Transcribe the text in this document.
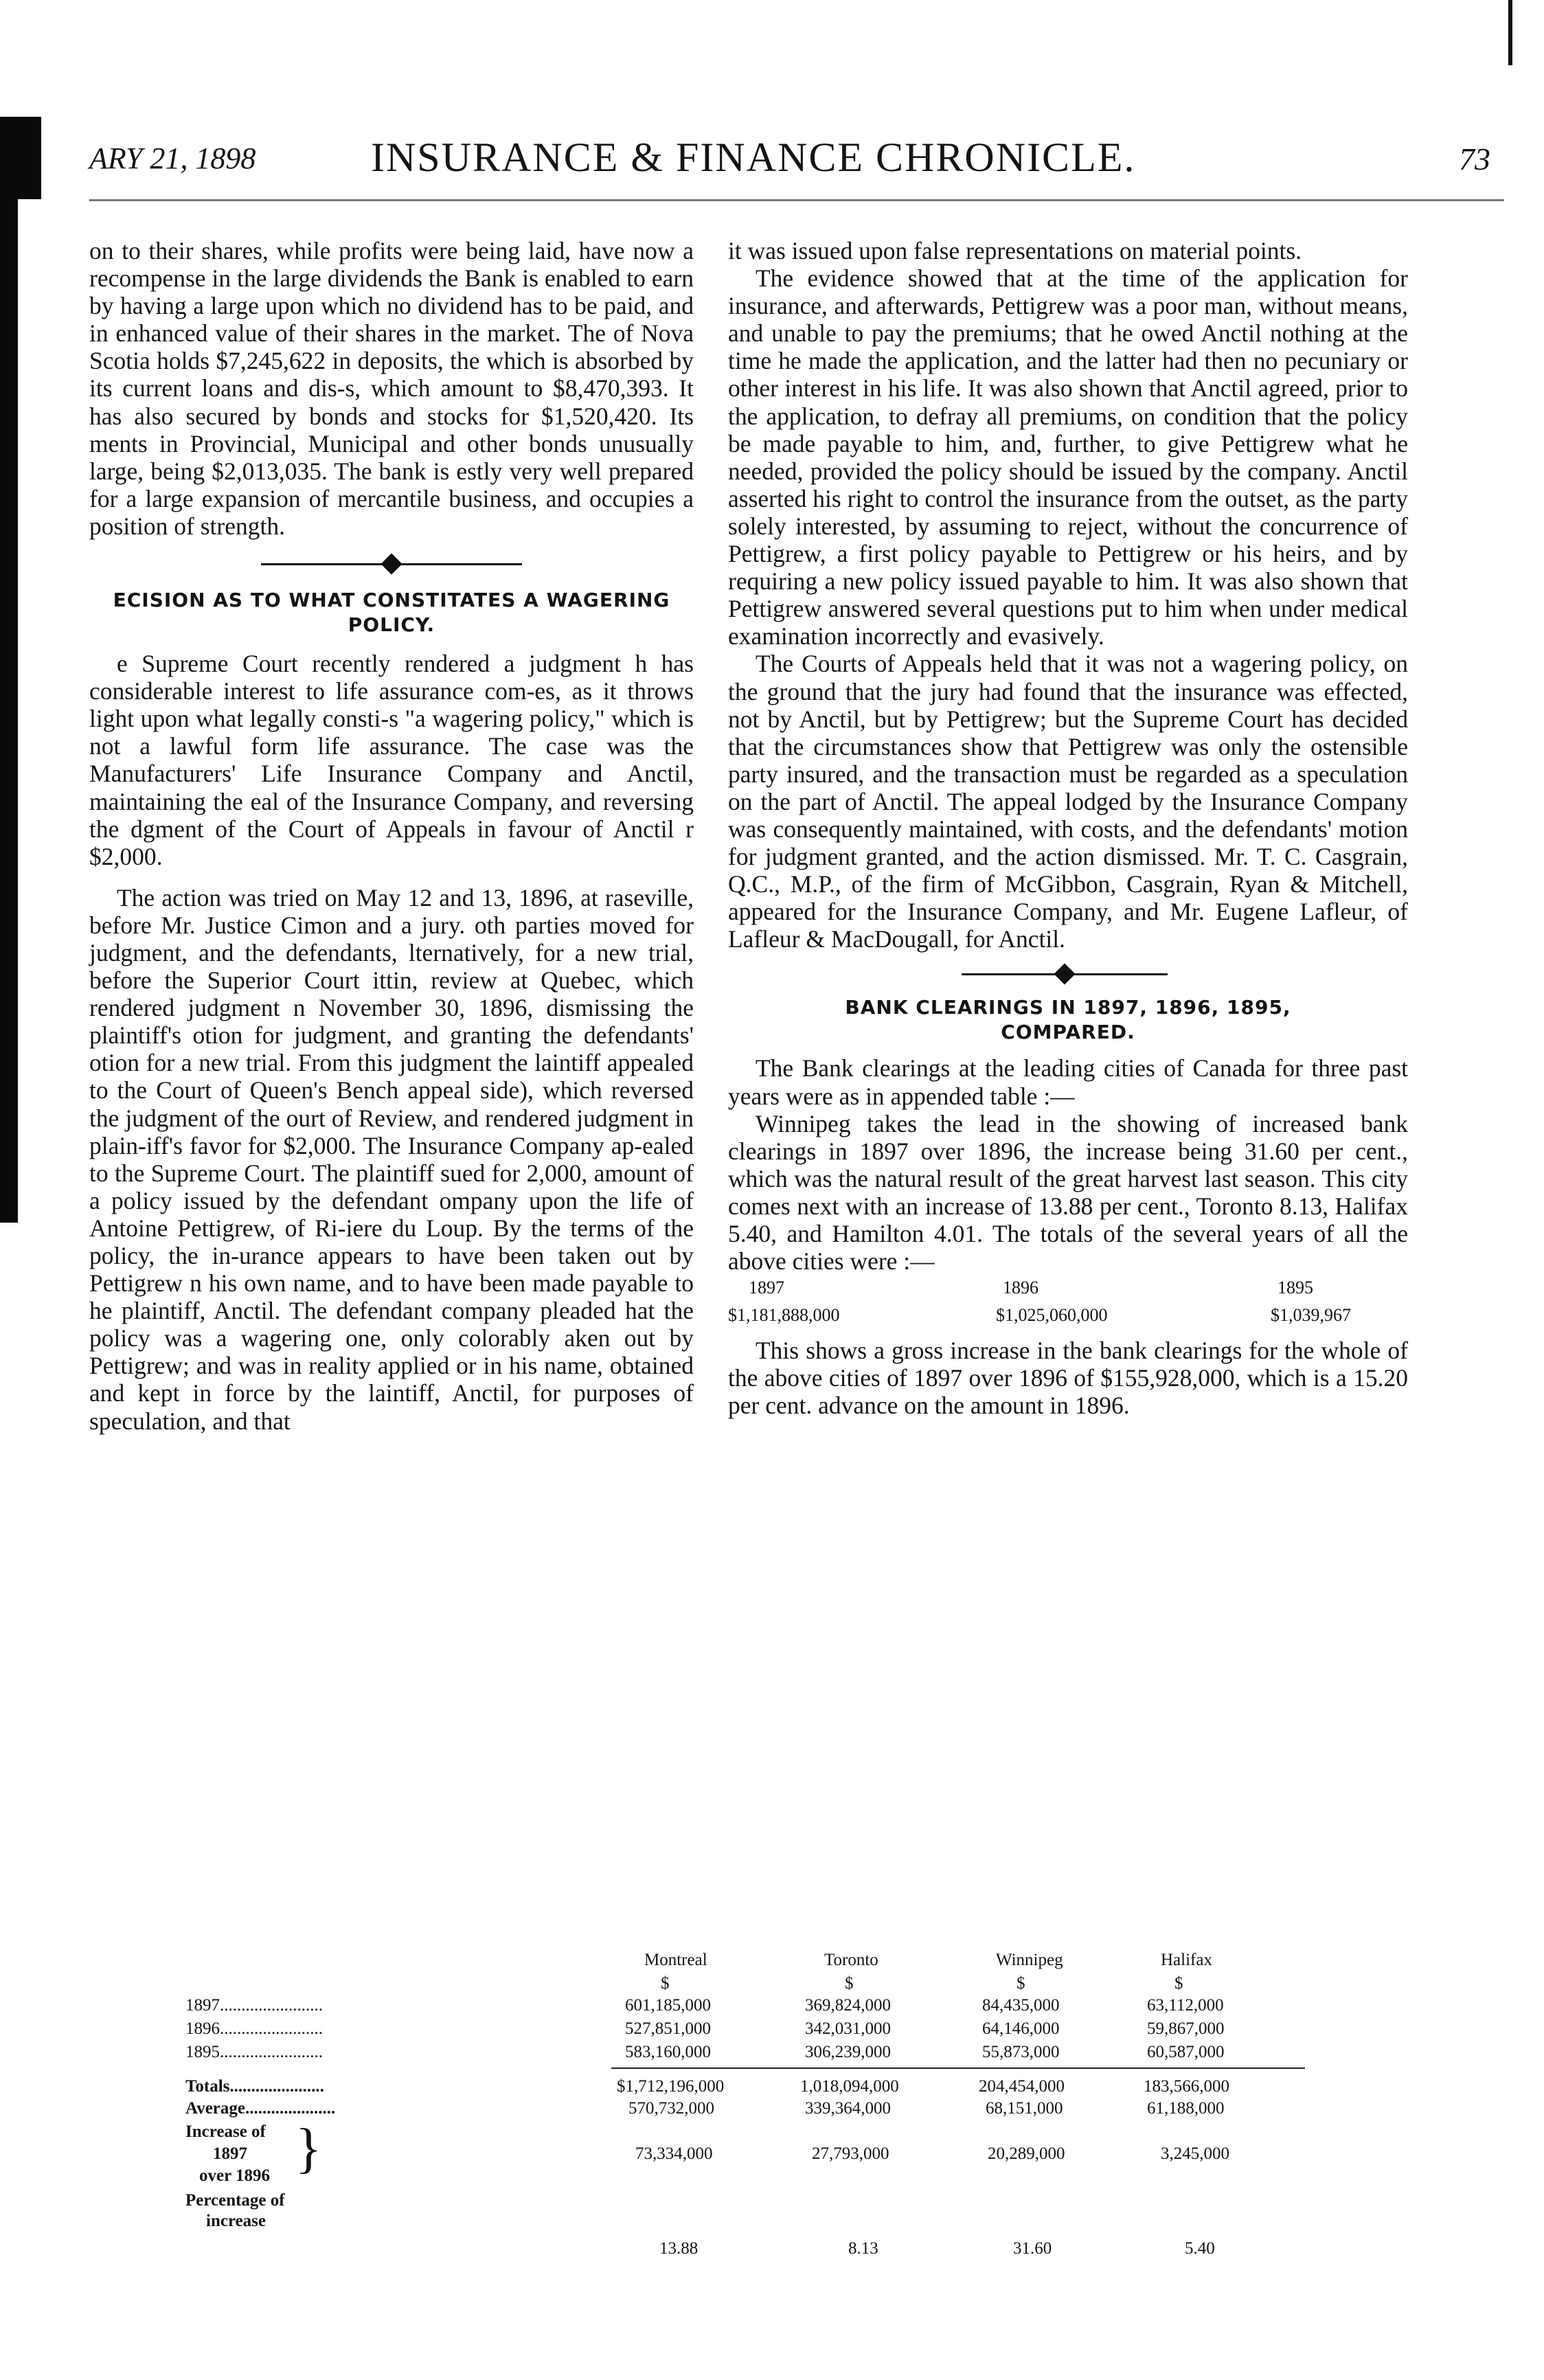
ARY 21, 1898	INSURANCE & FINANCE CHRONICLE.	73

on to their shares, while profits were being laid, have now a recompense in the large dividends the Bank is enabled to earn by having a large upon which no dividend has to be paid, and in enhanced value of their shares in the market. The of Nova Scotia holds $7,245,622 in deposits, the which is absorbed by its current loans and dis-s, which amount to $8,470,393. It has also secured by bonds and stocks for $1,520,420. Its ments in Provincial, Municipal and other bonds unusually large, being $2,013,035. The bank is estly very well prepared for a large expansion of mercantile business, and occupies a position of strength.

ECISION AS TO WHAT CONSTITATES A WAGERING POLICY.

e Supreme Court recently rendered a judgment h has considerable interest to life assurance com-es, as it throws light upon what legally consti-s "a wagering policy," which is not a lawful form life assurance. The case was the Manufacturers' Life Insurance Company and Anctil, maintaining the eal of the Insurance Company, and reversing the dgment of the Court of Appeals in favour of Anctil r $2,000.

The action was tried on May 12 and 13, 1896, at raseville, before Mr. Justice Cimon and a jury. oth parties moved for judgment, and the defendants, lternatively, for a new trial, before the Superior Court ittin, review at Quebec, which rendered judgment n November 30, 1896, dismissing the plaintiff's otion for judgment, and granting the defendants' otion for a new trial. From this judgment the laintiff appealed to the Court of Queen's Bench appeal side), which reversed the judgment of the ourt of Review, and rendered judgment in plain-iff's favor for $2,000. The Insurance Company ap-ealed to the Supreme Court. The plaintiff sued for 2,000, amount of a policy issued by the defendant ompany upon the life of Antoine Pettigrew, of Ri-iere du Loup. By the terms of the policy, the in-urance appears to have been taken out by Pettigrew n his own name, and to have been made payable to he plaintiff, Anctil. The defendant company pleaded hat the policy was a wagering one, only colorably aken out by Pettigrew; and was in reality applied or in his name, obtained and kept in force by the laintiff, Anctil, for purposes of speculation, and that

it was issued upon false representations on material points.

The evidence showed that at the time of the application for insurance, and afterwards, Pettigrew was a poor man, without means, and unable to pay the premiums; that he owed Anctil nothing at the time he made the application, and the latter had then no pecuniary or other interest in his life. It was also shown that Anctil agreed, prior to the application, to defray all premiums, on condition that the policy be made payable to him, and, further, to give Pettigrew what he needed, provided the policy should be issued by the company. Anctil asserted his right to control the insurance from the outset, as the party solely interested, by assuming to reject, without the concurrence of Pettigrew, a first policy payable to Pettigrew or his heirs, and by requiring a new policy issued payable to him. It was also shown that Pettigrew answered several questions put to him when under medical examination incorrectly and evasively.

The Courts of Appeals held that it was not a wagering policy, on the ground that the jury had found that the insurance was effected, not by Anctil, but by Pettigrew; but the Supreme Court has decided that the circumstances show that Pettigrew was only the ostensible party insured, and the transaction must be regarded as a speculation on the part of Anctil. The appeal lodged by the Insurance Company was consequently maintained, with costs, and the defendants' motion for judgment granted, and the action dismissed. Mr. T. C. Casgrain, Q.C., M.P., of the firm of McGibbon, Casgrain, Ryan & Mitchell, appeared for the Insurance Company, and Mr. Eugene Lafleur, of Lafleur & MacDougall, for Anctil.

BANK CLEARINGS IN 1897, 1896, 1895,

COMPARED.

The Bank clearings at the leading cities of Canada for three past years were as in appended table :—

Winnipeg takes the lead in the showing of increased bank clearings in 1897 over 1896, the increase being 31.60 per cent., which was the natural result of the great harvest last season. This city comes next with an increase of 13.88 per cent., Toronto 8.13, Halifax 5.40, and Hamilton 4.01. The totals of the several years of all the above cities were :—

1897	1896	1895
$1,181,888,000	$1,025,060,000	$1,039,967

This shows a gross increase in the bank clearings for the whole of the above cities of 1897 over 1896 of $155,928,000, which is a 15.20 per cent. advance on the amount in 1896.

Montreal	Toronto	Winnipeg	Halifax
$	$	$	$
1897........................	601,185,000	369,824,000	84,435,000	63,112,000
1896........................	527,851,000	342,031,000	64,146,000	59,867,000
1895........................	583,160,000	306,239,000	55,873,000	60,587,000
Totals......................	$1,712,196,000	1,018,094,000	204,454,000	183,566,000
Average.....................	570,732,000	339,364,000	68,151,000	61,188,000
Increase of
1897
over 1896 }	73,334,000	27,793,000	20,289,000	3,245,000
Percentage of
increase
13.88	8.13	31.60	5.40
